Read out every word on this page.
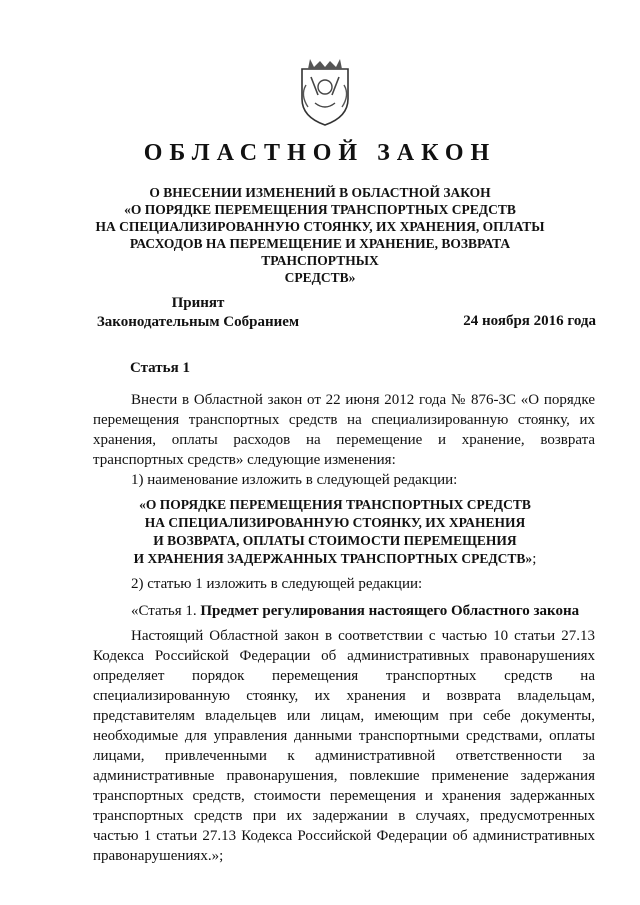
ОБЛАСТНОЙ ЗАКОН
О ВНЕСЕНИИ ИЗМЕНЕНИЙ В ОБЛАСТНОЙ ЗАКОН
«О ПОРЯДКЕ ПЕРЕМЕЩЕНИЯ ТРАНСПОРТНЫХ СРЕДСТВ
НА СПЕЦИАЛИЗИРОВАННУЮ СТОЯНКУ, ИХ ХРАНЕНИЯ, ОПЛАТЫ
РАСХОДОВ НА ПЕРЕМЕЩЕНИЕ И ХРАНЕНИЕ, ВОЗВРАТА ТРАНСПОРТНЫХ
СРЕДСТВ»
Принят
Законодательным Собранием	24 ноября 2016 года
Статья 1

Внести в Областной закон от 22 июня 2012 года № 876-ЗС «О порядке перемещения транспортных средств на специализированную стоянку, их хранения, оплаты расходов на перемещение и хранение, возврата транспортных средств» следующие изменения:

1) наименование изложить в следующей редакции:
«О ПОРЯДКЕ ПЕРЕМЕЩЕНИЯ ТРАНСПОРТНЫХ СРЕДСТВ
НА СПЕЦИАЛИЗИРОВАННУЮ СТОЯНКУ, ИХ ХРАНЕНИЯ
И ВОЗВРАТА, ОПЛАТЫ СТОИМОСТИ ПЕРЕМЕЩЕНИЯ
И ХРАНЕНИЯ ЗАДЕРЖАННЫХ ТРАНСПОРТНЫХ СРЕДСТВ»;
2) статью 1 изложить в следующей редакции:
«Статья 1. Предмет регулирования настоящего Областного закона

Настоящий Областной закон в соответствии с частью 10 статьи 27.13 Кодекса Российской Федерации об административных правонарушениях определяет порядок перемещения транспортных средств на специализированную стоянку, их хранения и возврата владельцам, представителям владельцев или лицам, имеющим при себе документы, необходимые для управления данными транспортными средствами, оплаты лицами, привлеченными к административной ответственности за административные правонарушения, повлекшие применение задержания транспортных средств, стоимости перемещения и хранения задержанных транспортных средств при их задержании в случаях, предусмотренных частью 1 статьи 27.13 Кодекса Российской Федерации об административных правонарушениях.»;
